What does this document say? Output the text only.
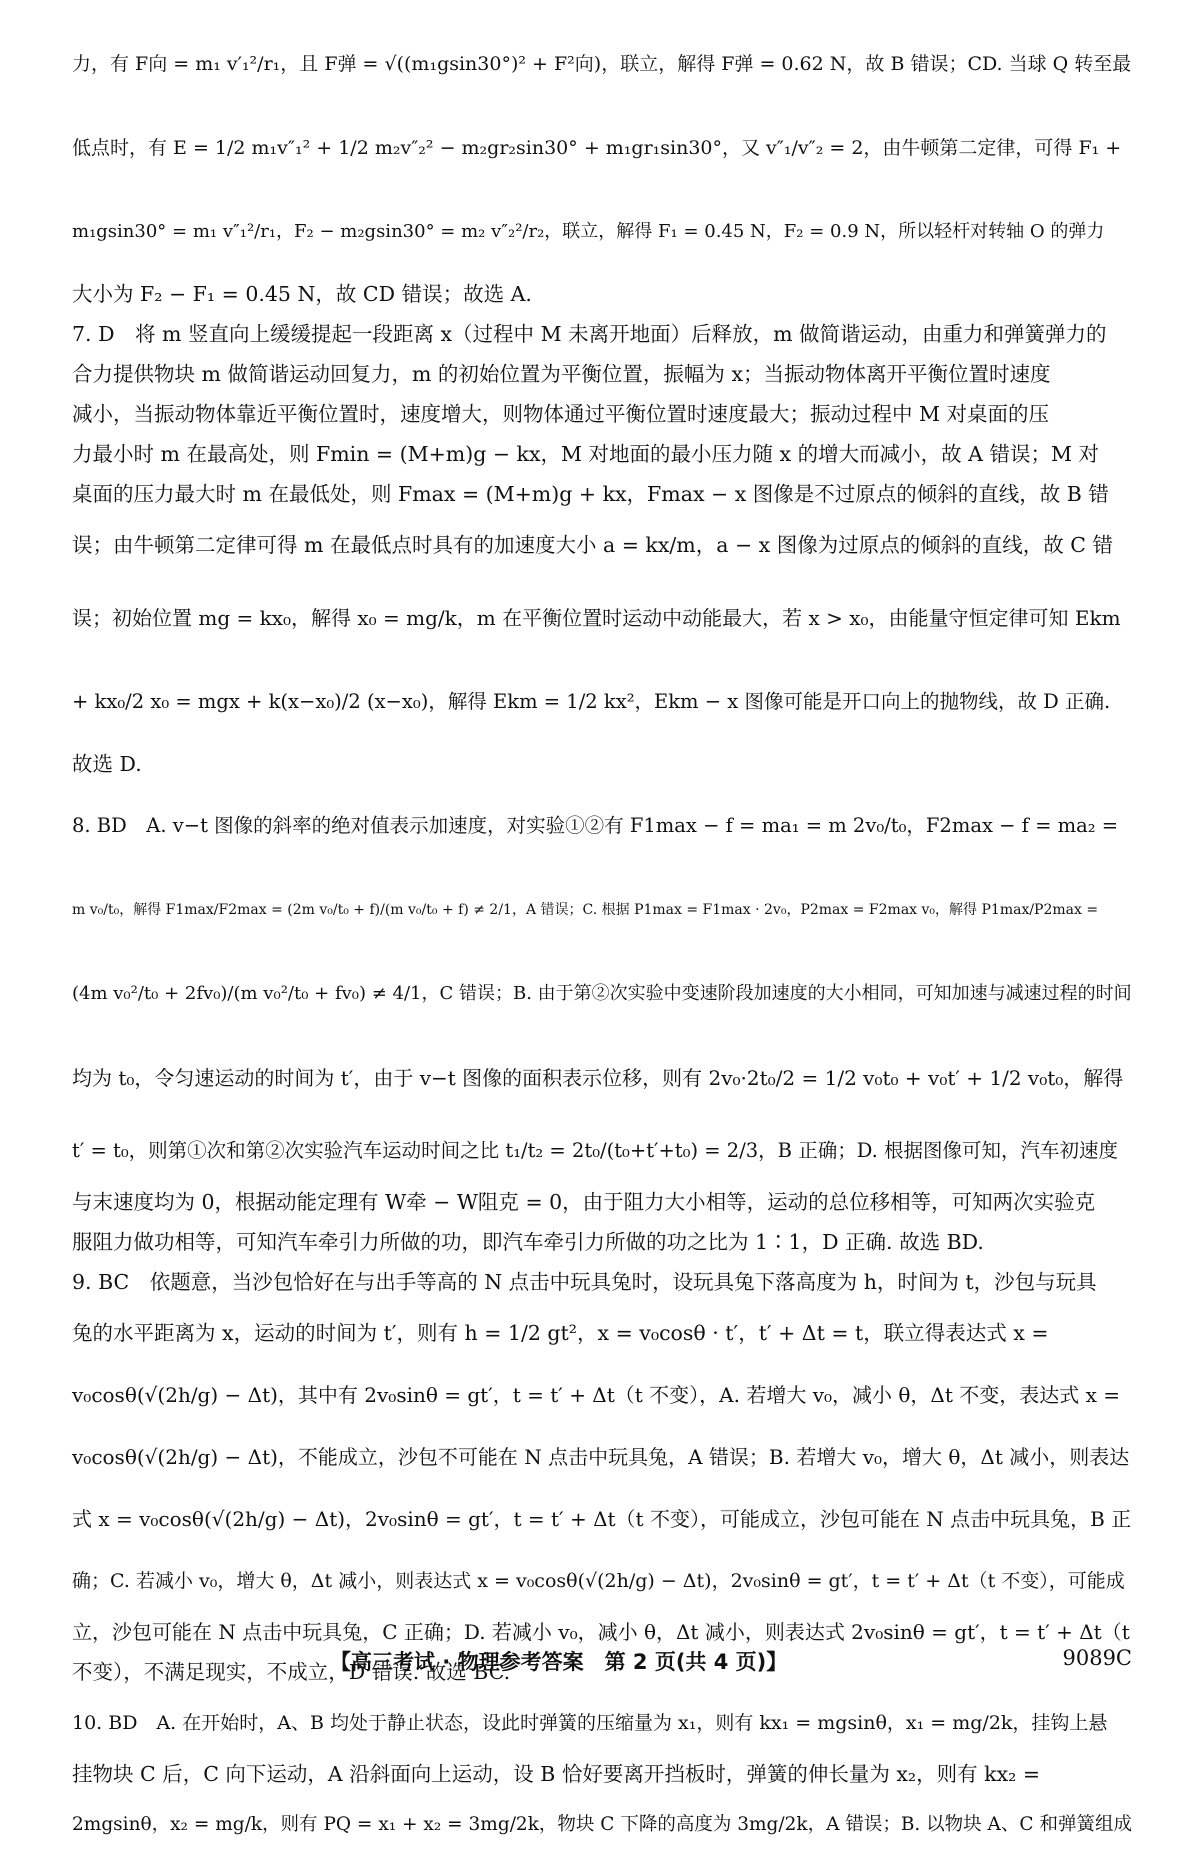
力，有 F向 = m₁ v′₁²/r₁，且 F弹 = √((m₁gsin30°)² + F²向)，联立，解得 F弹 = 0.62 N，故 B 错误；CD. 当球 Q 转至最

低点时，有 E = 1/2 m₁v″₁² + 1/2 m₂v″₂² − m₂gr₂sin30° + m₁gr₁sin30°，又 v″₁/v″₂ = 2，由牛顿第二定律，可得 F₁ +

m₁gsin30° = m₁ v″₁²/r₁，F₂ − m₂gsin30° = m₂ v″₂²/r₂，联立，解得 F₁ = 0.45 N，F₂ = 0.9 N，所以轻杆对转轴 O 的弹力

大小为 F₂ − F₁ = 0.45 N，故 CD 错误；故选 A.

7. D　将 m 竖直向上缓缓提起一段距离 x（过程中 M 未离开地面）后释放，m 做简谐运动，由重力和弹簧弹力的

合力提供物块 m 做简谐运动回复力，m 的初始位置为平衡位置，振幅为 x；当振动物体离开平衡位置时速度

减小，当振动物体靠近平衡位置时，速度增大，则物体通过平衡位置时速度最大；振动过程中 M 对桌面的压

力最小时 m 在最高处，则 Fmin = (M+m)g − kx，M 对地面的最小压力随 x 的增大而减小，故 A 错误；M 对

桌面的压力最大时 m 在最低处，则 Fmax = (M+m)g + kx，Fmax − x 图像是不过原点的倾斜的直线，故 B 错

误；由牛顿第二定律可得 m 在最低点时具有的加速度大小 a = kx/m，a − x 图像为过原点的倾斜的直线，故 C 错

误；初始位置 mg = kx₀，解得 x₀ = mg/k，m 在平衡位置时运动中动能最大，若 x > x₀，由能量守恒定律可知 Ekm

+ kx₀/2 x₀ = mgx + k(x−x₀)/2 (x−x₀)，解得 Ekm = 1/2 kx²，Ekm − x 图像可能是开口向上的抛物线，故 D 正确.

故选 D.

8. BD　A. v−t 图像的斜率的绝对值表示加速度，对实验①②有 F1max − f = ma₁ = m 2v₀/t₀，F2max − f = ma₂ =

m v₀/t₀，解得 F1max/F2max = (2m v₀/t₀ + f)/(m v₀/t₀ + f) ≠ 2/1，A 错误；C. 根据 P1max = F1max · 2v₀，P2max = F2max v₀，解得 P1max/P2max =

(4m v₀²/t₀ + 2fv₀)/(m v₀²/t₀ + fv₀) ≠ 4/1，C 错误；B. 由于第②次实验中变速阶段加速度的大小相同，可知加速与减速过程的时间

均为 t₀，令匀速运动的时间为 t′，由于 v−t 图像的面积表示位移，则有 2v₀·2t₀/2 = 1/2 v₀t₀ + v₀t′ + 1/2 v₀t₀，解得

t′ = t₀，则第①次和第②次实验汽车运动时间之比 t₁/t₂ = 2t₀/(t₀+t′+t₀) = 2/3，B 正确；D. 根据图像可知，汽车初速度

与末速度均为 0，根据动能定理有 W牵 − W阻克 = 0，由于阻力大小相等，运动的总位移相等，可知两次实验克

服阻力做功相等，可知汽车牵引力所做的功，即汽车牵引力所做的功之比为 1∶1，D 正确. 故选 BD.

9. BC　依题意，当沙包恰好在与出手等高的 N 点击中玩具兔时，设玩具兔下落高度为 h，时间为 t，沙包与玩具

兔的水平距离为 x，运动的时间为 t′，则有 h = 1/2 gt²，x = v₀cosθ · t′，t′ + Δt = t，联立得表达式 x =

v₀cosθ(√(2h/g) − Δt)，其中有 2v₀sinθ = gt′，t = t′ + Δt（t 不变），A. 若增大 v₀，减小 θ，Δt 不变，表达式 x =

v₀cosθ(√(2h/g) − Δt)，不能成立，沙包不可能在 N 点击中玩具兔，A 错误；B. 若增大 v₀，增大 θ，Δt 减小，则表达

式 x = v₀cosθ(√(2h/g) − Δt)，2v₀sinθ = gt′，t = t′ + Δt（t 不变），可能成立，沙包可能在 N 点击中玩具兔，B 正

确；C. 若减小 v₀，增大 θ，Δt 减小，则表达式 x = v₀cosθ(√(2h/g) − Δt)，2v₀sinθ = gt′，t = t′ + Δt（t 不变），可能成

立，沙包可能在 N 点击中玩具兔，C 正确；D. 若减小 v₀，减小 θ，Δt 减小，则表达式 2v₀sinθ = gt′，t = t′ + Δt（t

不变），不满足现实，不成立，D 错误. 故选 BC.

10. BD　A. 在开始时，A、B 均处于静止状态，设此时弹簧的压缩量为 x₁，则有 kx₁ = mgsinθ，x₁ = mg/2k，挂钩上悬

挂物块 C 后，C 向下运动，A 沿斜面向上运动，设 B 恰好要离开挡板时，弹簧的伸长量为 x₂，则有 kx₂ =

2mgsinθ，x₂ = mg/k，则有 PQ = x₁ + x₂ = 3mg/2k，物块 C 下降的高度为 3mg/2k，A 错误；B. 以物块 A、C 和弹簧组成

【高三考试 · 物理参考答案　第 2 页(共 4 页)】	9089C
